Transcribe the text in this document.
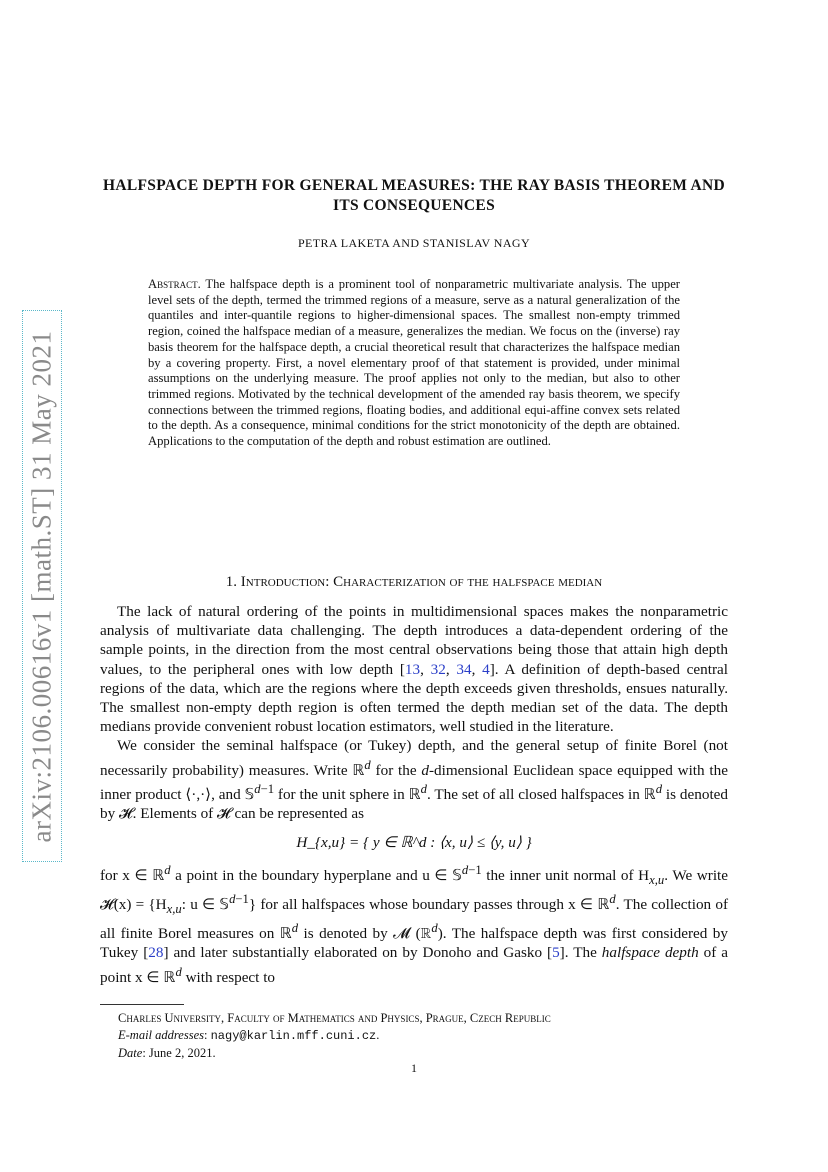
arXiv:2106.00616v1 [math.ST] 31 May 2021
HALFSPACE DEPTH FOR GENERAL MEASURES: THE RAY BASIS THEOREM AND ITS CONSEQUENCES
PETRA LAKETA AND STANISLAV NAGY
Abstract. The halfspace depth is a prominent tool of nonparametric multivariate analysis. The upper level sets of the depth, termed the trimmed regions of a measure, serve as a natural generalization of the quantiles and inter-quantile regions to higher-dimensional spaces. The smallest non-empty trimmed region, coined the halfspace median of a measure, generalizes the median. We focus on the (inverse) ray basis theorem for the halfspace depth, a crucial theoretical result that characterizes the halfspace median by a covering property. First, a novel elementary proof of that statement is provided, under minimal assumptions on the underlying measure. The proof applies not only to the median, but also to other trimmed regions. Motivated by the technical development of the amended ray basis theorem, we specify connections between the trimmed regions, floating bodies, and additional equi-affine convex sets related to the depth. As a consequence, minimal conditions for the strict monotonicity of the depth are obtained. Applications to the computation of the depth and robust estimation are outlined.
1. Introduction: Characterization of the halfspace median

The lack of natural ordering of the points in multidimensional spaces makes the nonparametric analysis of multivariate data challenging. The depth introduces a data-dependent ordering of the sample points, in the direction from the most central observations being those that attain high depth values, to the peripheral ones with low depth [13, 32, 34, 4]. A definition of depth-based central regions of the data, which are the regions where the depth exceeds given thresholds, ensues naturally. The smallest non-empty depth region is often termed the depth median set of the data. The depth medians provide convenient robust location estimators, well studied in the literature.

We consider the seminal halfspace (or Tukey) depth, and the general setup of finite Borel (not necessarily probability) measures. Write ℝ$^d$ for the d-dimensional Euclidean space equipped with the inner product ⟨·,·⟩, and 𝕊$^{d-1}$ for the unit sphere in ℝ$^d$. The set of all closed halfspaces in ℝ$^d$ is denoted by 𝓗. Elements of 𝓗 can be represented as

H_{x,u} = { y ∈ ℝ^d : ⟨x, u⟩ ≤ ⟨y, u⟩ }

for x ∈ ℝ$^d$ a point in the boundary hyperplane and u ∈ 𝕊$^{d-1}$ the inner unit normal of $H_{x,u}$. We write 𝓗(x) = {$H_{x,u}$: u ∈ 𝕊$^{d-1}$} for all halfspaces whose boundary passes through x ∈ ℝ$^d$. The collection of all finite Borel measures on ℝ$^d$ is denoted by 𝓜 (ℝ$^d$). The halfspace depth was first considered by Tukey [28] and later substantially elaborated on by Donoho and Gasko [5]. The halfspace depth of a point x ∈ ℝ$^d$ with respect to

Charles University, Faculty of Mathematics and Physics, Prague, Czech Republic
E-mail addresses: nagy@karlin.mff.cuni.cz.
Date: June 2, 2021.
1
